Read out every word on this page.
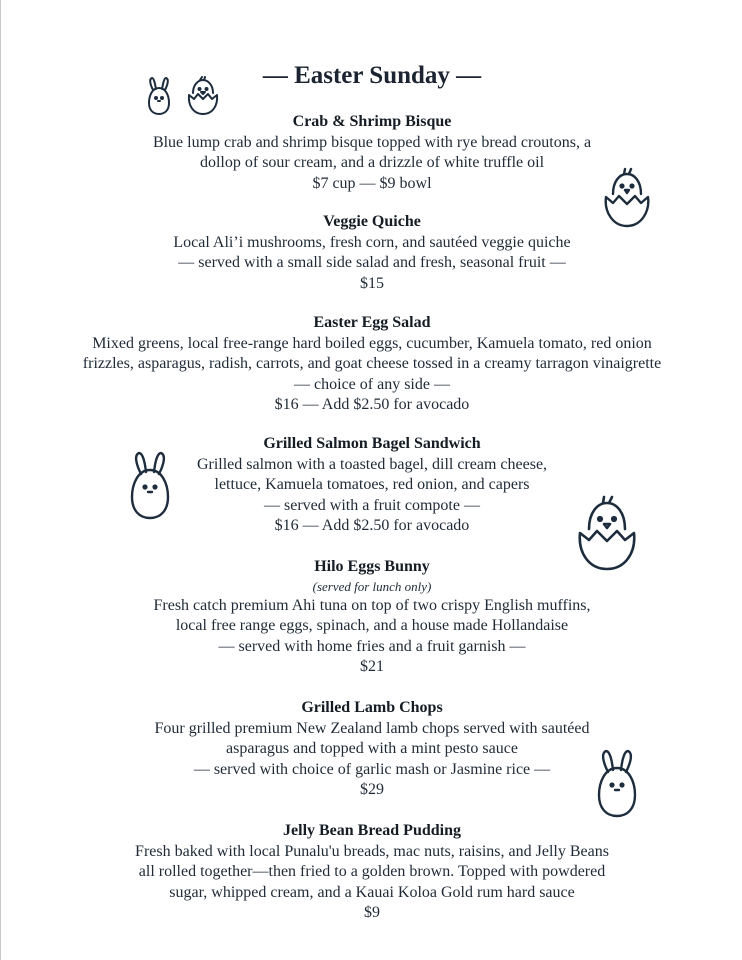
— Easter Sunday —
Crab & Shrimp Bisque
Blue lump crab and shrimp bisque topped with rye bread croutons, a
dollop of sour cream, and a drizzle of white truffle oil
$7 cup — $9 bowl
Veggie Quiche
Local Ali’i mushrooms, fresh corn, and sautéed veggie quiche
— served with a small side salad and fresh, seasonal fruit —
$15
Easter Egg Salad
Mixed greens, local free-range hard boiled eggs, cucumber, Kamuela tomato, red onion
frizzles, asparagus, radish, carrots, and goat cheese tossed in a creamy tarragon vinaigrette
— choice of any side —
$16 — Add $2.50 for avocado
Grilled Salmon Bagel Sandwich
Grilled salmon with a toasted bagel, dill cream cheese,
lettuce, Kamuela tomatoes, red onion, and capers
— served with a fruit compote —
$16 — Add $2.50 for avocado
Hilo Eggs Bunny
(served for lunch only)
Fresh catch premium Ahi tuna on top of two crispy English muffins,
local free range eggs, spinach, and a house made Hollandaise
— served with home fries and a fruit garnish —
$21
Grilled Lamb Chops
Four grilled premium New Zealand lamb chops served with sautéed
asparagus and topped with a mint pesto sauce
— served with choice of garlic mash or Jasmine rice —
$29
Jelly Bean Bread Pudding
Fresh baked with local Punalu'u breads, mac nuts, raisins, and Jelly Beans
all rolled together—then fried to a golden brown. Topped with powdered
sugar, whipped cream, and a Kauai Koloa Gold rum hard sauce
$9
